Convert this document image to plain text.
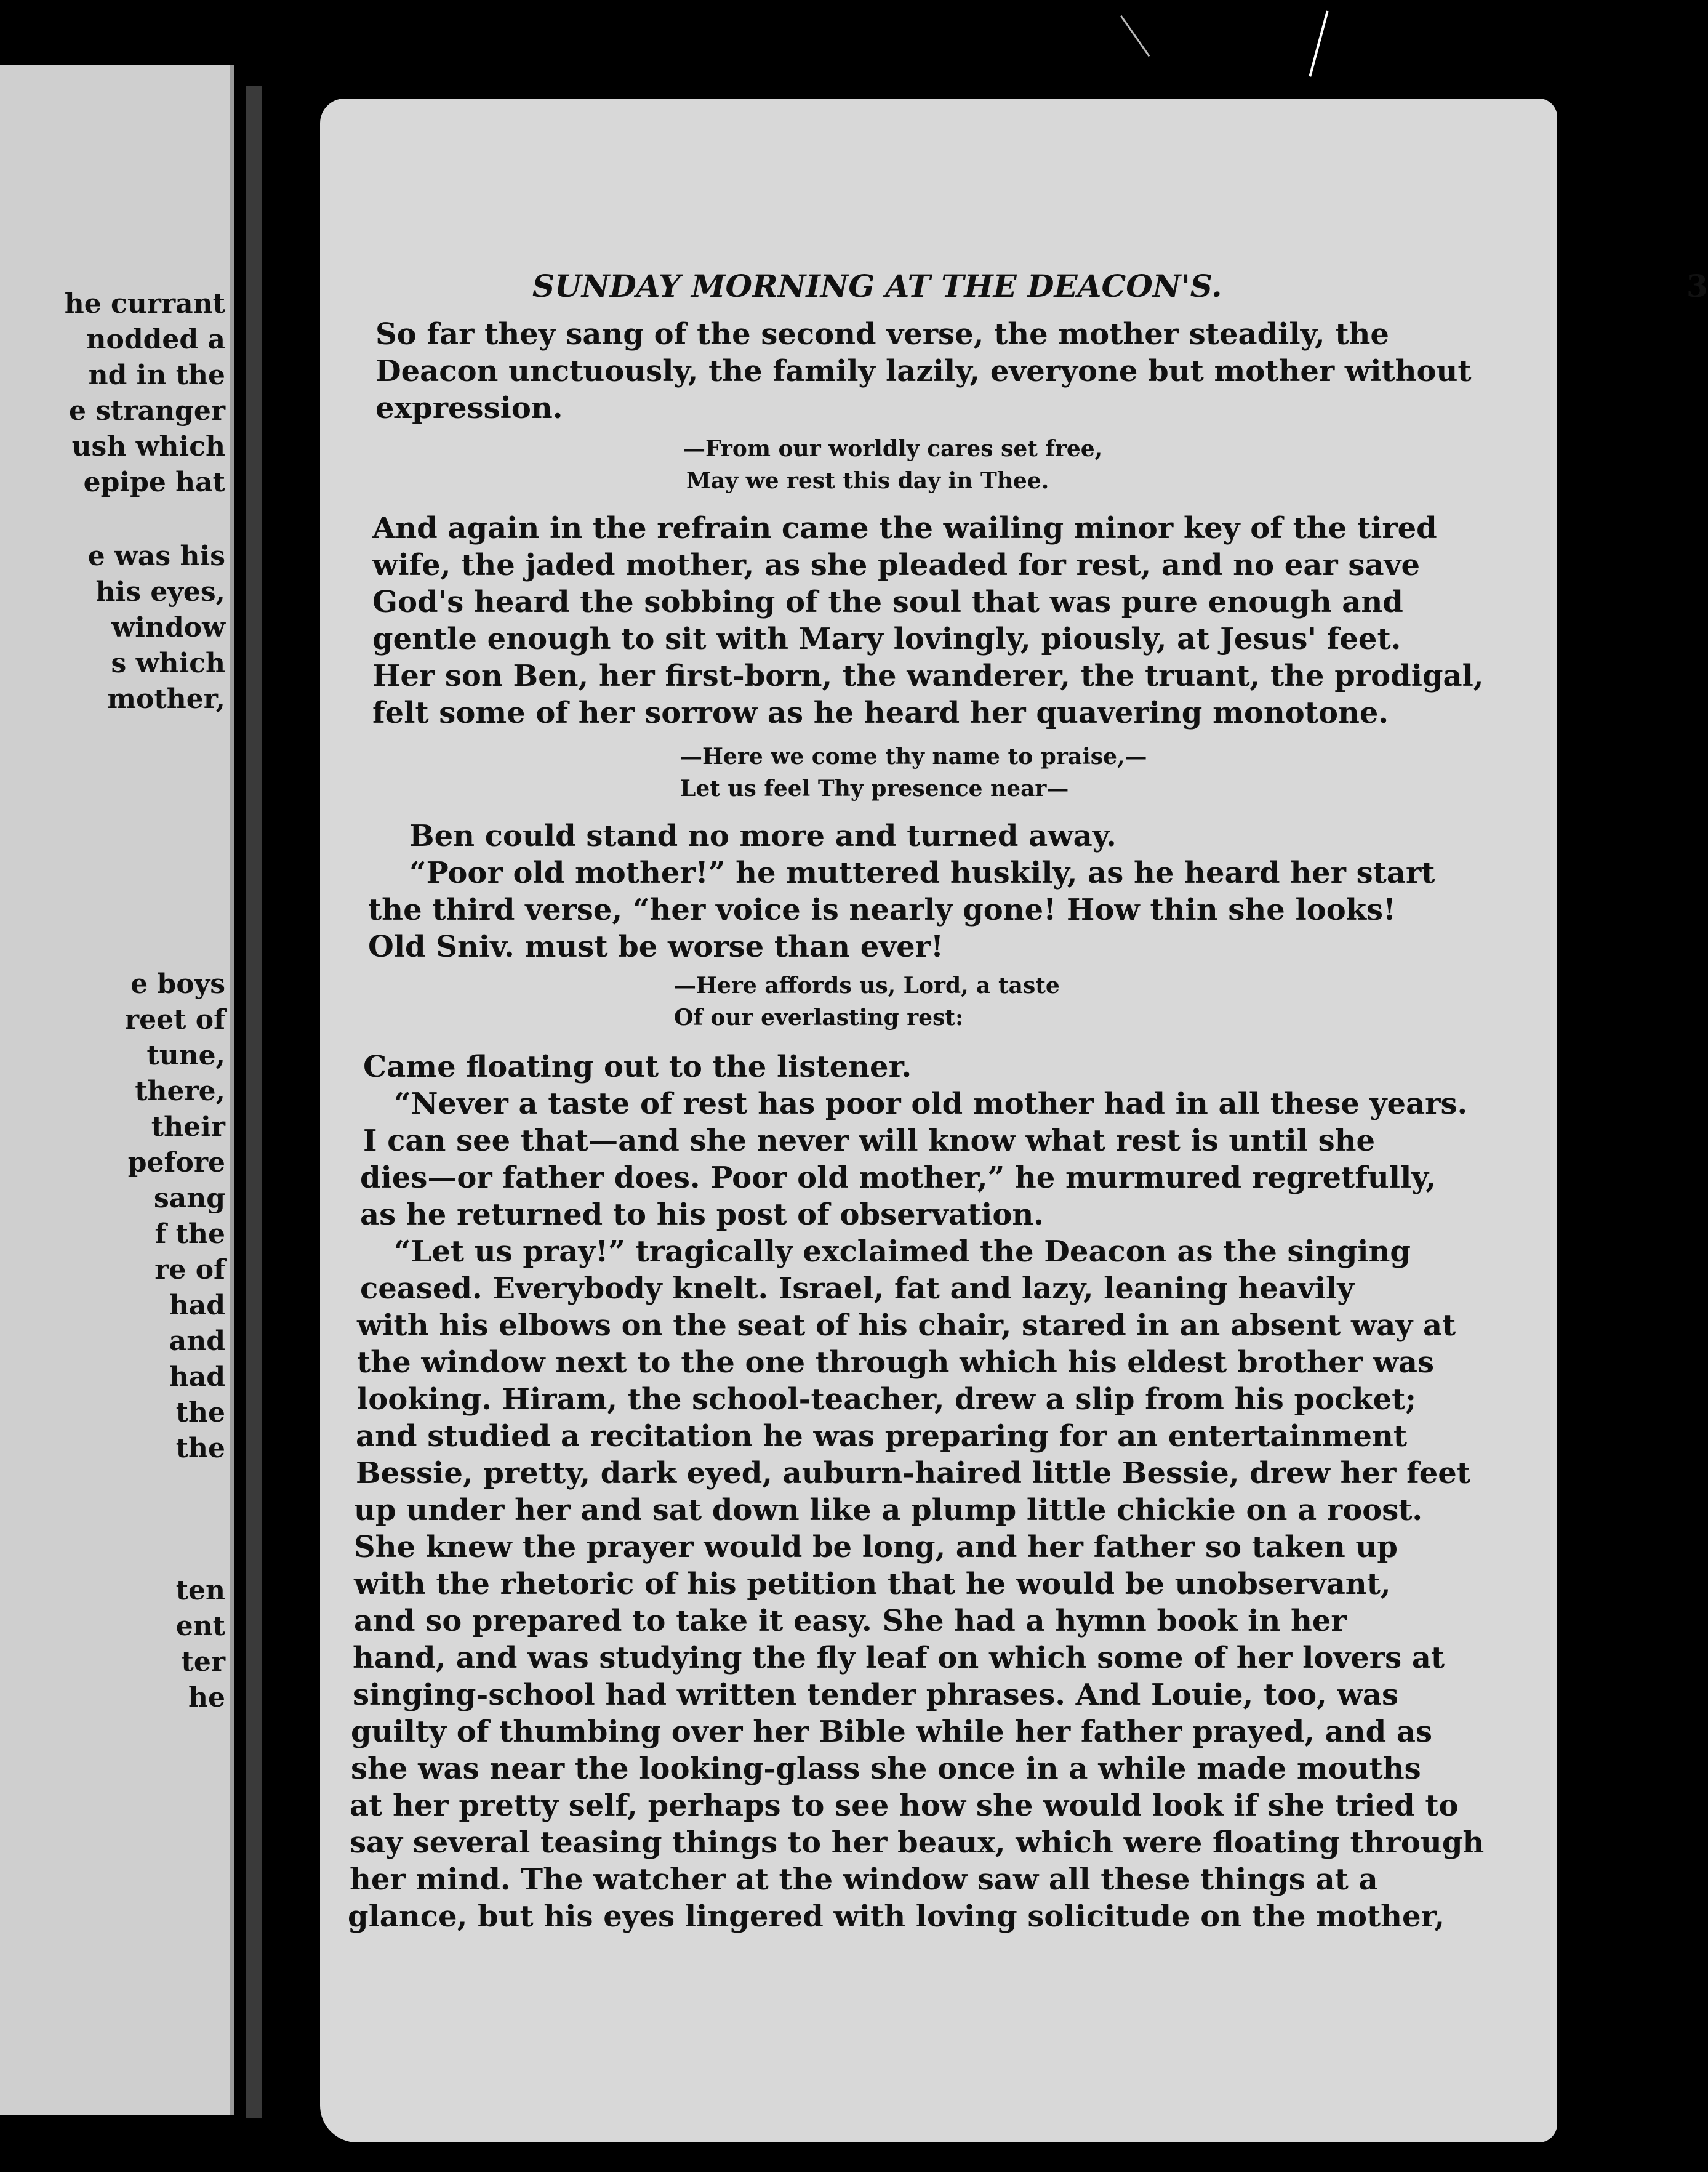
he currant
nodded a
nd in the
e stranger
ush which
epipe hat
e was his
his eyes,
window
s which
mother,
e boys
reet of
tune,
there,
their
pefore
sang
f the
re of
had
and
had
the
the
ten
ent
ter
he
SUNDAY MORNING AT THE DEACON'S.	3
So far they sang of the second verse, the mother steadily, the
Deacon unctuously, the family lazily, everyone but mother without
expression.
—From our worldly cares set free,
May we rest this day in Thee.
And again in the refrain came the wailing minor key of the tired
wife, the jaded mother, as she pleaded for rest, and no ear save
God's heard the sobbing of the soul that was pure enough and
gentle enough to sit with Mary lovingly, piously, at Jesus' feet.
Her son Ben, her first-born, the wanderer, the truant, the prodigal,
felt some of her sorrow as he heard her quavering monotone.
—Here we come thy name to praise,—
Let us feel Thy presence near—
Ben could stand no more and turned away.
“Poor old mother!” he muttered huskily, as he heard her start
the third verse, “her voice is nearly gone! How thin she looks!
Old Sniv. must be worse than ever!
—Here affords us, Lord, a taste
Of our everlasting rest:
Came floating out to the listener.
“Never a taste of rest has poor old mother had in all these years.
I can see that—and she never will know what rest is until she
dies—or father does. Poor old mother,” he murmured regretfully,
as he returned to his post of observation.
“Let us pray!” tragically exclaimed the Deacon as the singing
ceased. Everybody knelt. Israel, fat and lazy, leaning heavily
with his elbows on the seat of his chair, stared in an absent way at
the window next to the one through which his eldest brother was
looking. Hiram, the school-teacher, drew a slip from his pocket;
and studied a recitation he was preparing for an entertainment
Bessie, pretty, dark eyed, auburn-haired little Bessie, drew her feet
up under her and sat down like a plump little chickie on a roost.
She knew the prayer would be long, and her father so taken up
with the rhetoric of his petition that he would be unobservant,
and so prepared to take it easy. She had a hymn book in her
hand, and was studying the fly leaf on which some of her lovers at
singing-school had written tender phrases. And Louie, too, was
guilty of thumbing over her Bible while her father prayed, and as
she was near the looking-glass she once in a while made mouths
at her pretty self, perhaps to see how she would look if she tried to
say several teasing things to her beaux, which were floating through
her mind. The watcher at the window saw all these things at a
glance, but his eyes lingered with loving solicitude on the mother,
